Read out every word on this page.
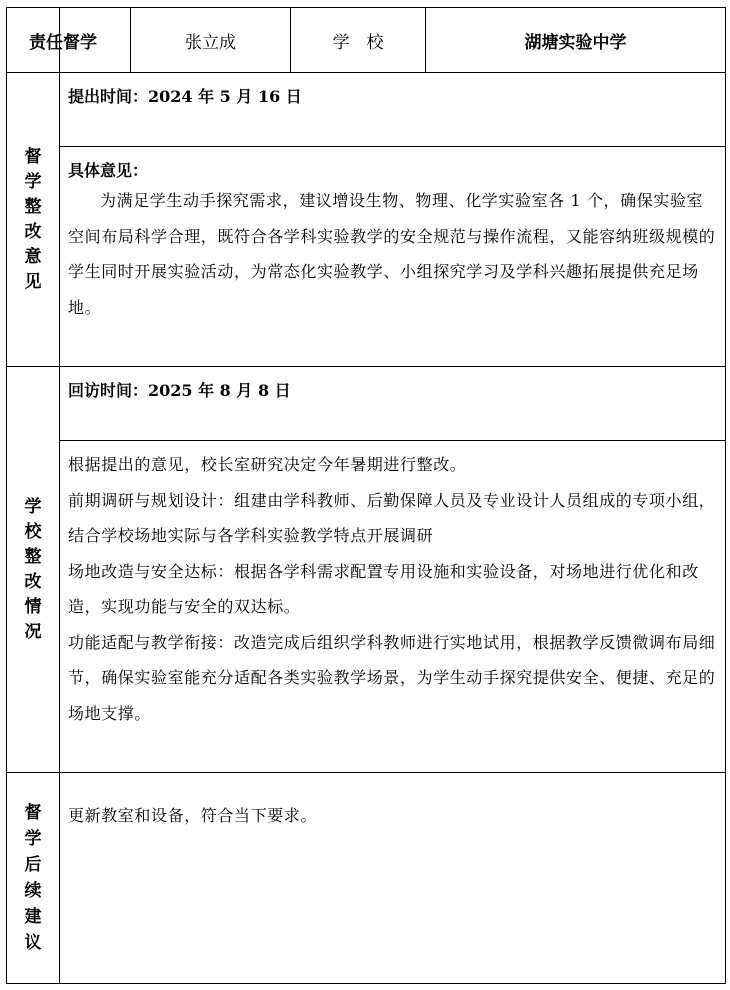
责任督学	张立成	学　校	湖塘实验中学
督
学
整
改
意
见
提出时间：2024 年 5 月 16 日
具体意见：

为满足学生动手探究需求，建议增设生物、物理、化学实验室各 1 个，确保实验室空间布局科学合理，既符合各学科实验教学的安全规范与操作流程，又能容纳班级规模的学生同时开展实验活动，为常态化实验教学、小组探究学习及学科兴趣拓展提供充足场地。

学
校
整
改
情
况
回访时间：2025 年 8 月 8 日

根据提出的意见，校长室研究决定今年暑期进行整改。

前期调研与规划设计：组建由学科教师、后勤保障人员及专业设计人员组成的专项小组，结合学校场地实际与各学科实验教学特点开展调研

场地改造与安全达标：根据各学科需求配置专用设施和实验设备，对场地进行优化和改造，实现功能与安全的双达标。

功能适配与教学衔接：改造完成后组织学科教师进行实地试用，根据教学反馈微调布局细节，确保实验室能充分适配各类实验教学场景，为学生动手探究提供安全、便捷、充足的场地支撑。

督
学
后
续
建
议

更新教室和设备，符合当下要求。
